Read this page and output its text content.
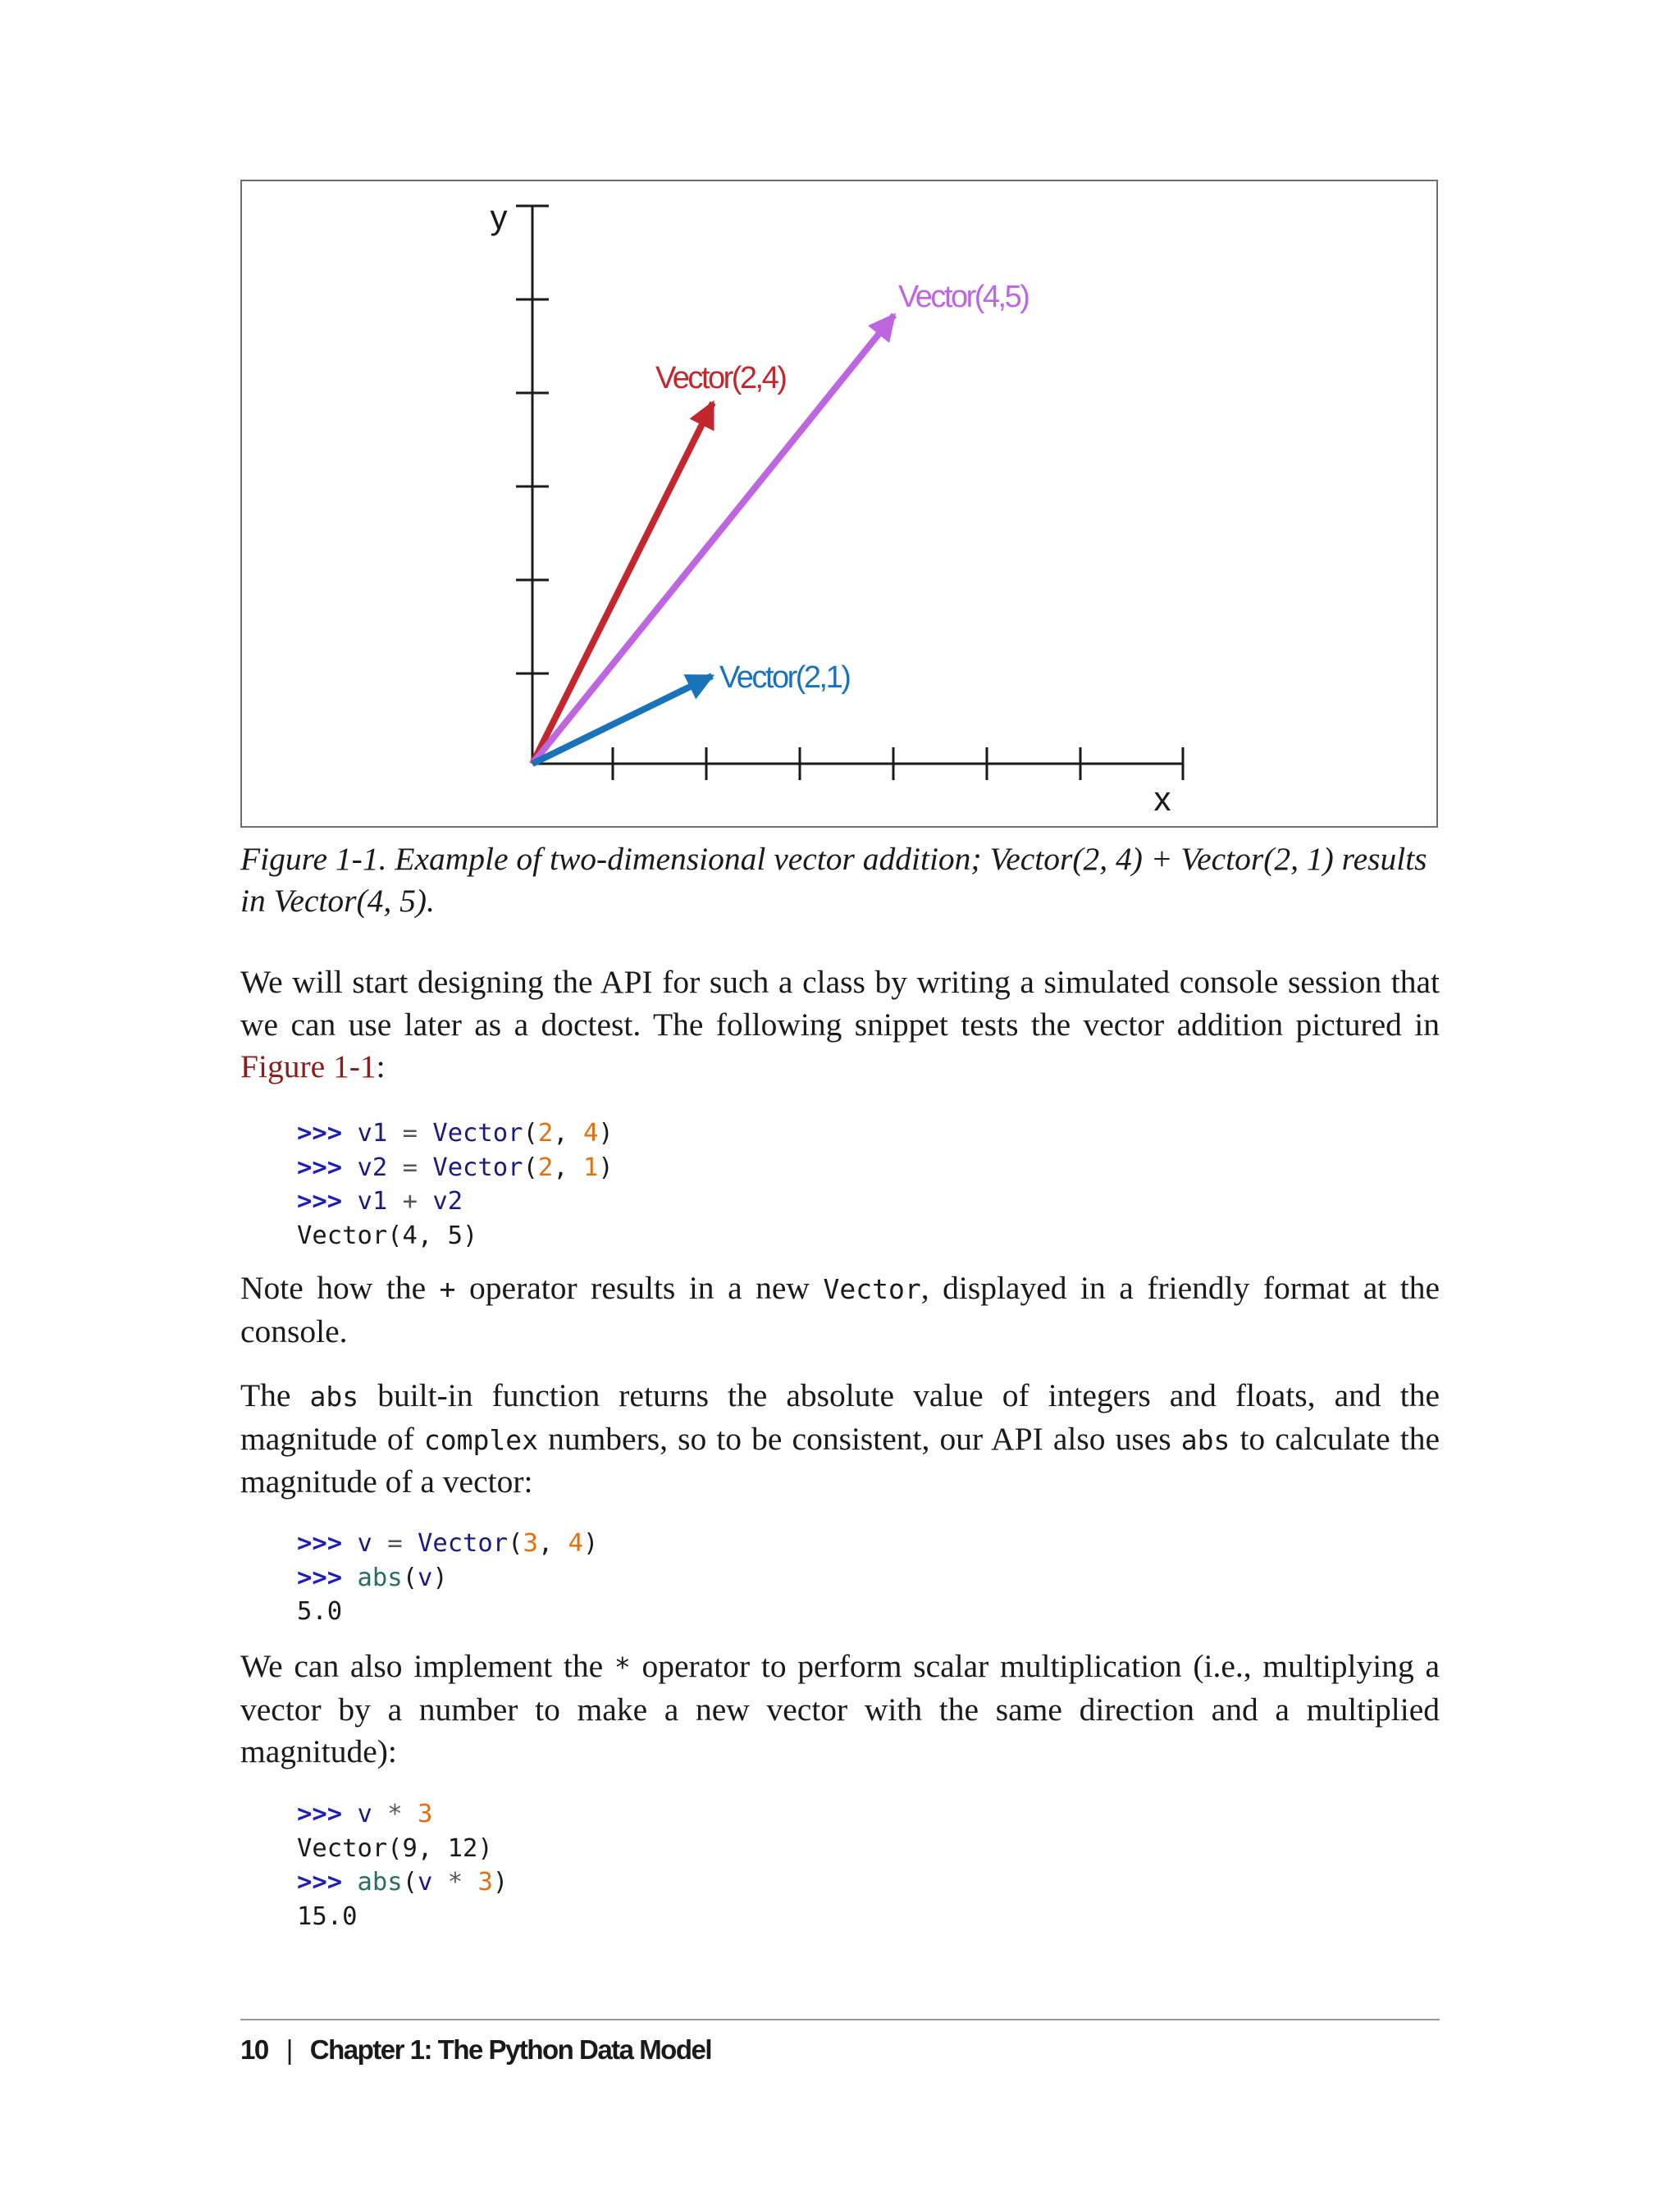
y
x
Vector(2,4)
Vector(4,5)
Vector(2,1)

Figure 1-1. Example of two-dimensional vector addition; Vector(2, 4) + Vector(2, 1) results in Vector(4, 5).

We will start designing the API for such a class by writing a simulated console session that we can use later as a doctest. The following snippet tests the vector addition pictured in Figure 1-1:

>>> v1 = Vector(2, 4)
>>> v2 = Vector(2, 1)
>>> v1 + v2
Vector(4, 5)

Note how the + operator results in a new Vector, displayed in a friendly format at the console.

The abs built-in function returns the absolute value of integers and floats, and the magnitude of complex numbers, so to be consistent, our API also uses abs to calculate the magnitude of a vector:

>>> v = Vector(3, 4)
>>> abs(v)
5.0

We can also implement the * operator to perform scalar multiplication (i.e., multiplying a vector by a number to make a new vector with the same direction and a multiplied magnitude):

>>> v * 3
Vector(9, 12)
>>> abs(v * 3)
15.0
10 | Chapter 1: The Python Data Model
